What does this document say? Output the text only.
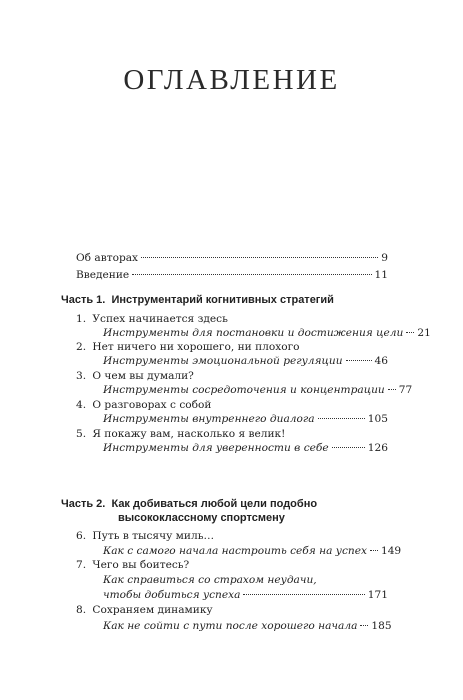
ОГЛАВЛЕНИЕ
Об авторах	9
Введение	11
Часть 1. Инструментарий когнитивных стратегий
1.
Успех начинается здесь
Инструменты для постановки и достижения цели 21
2.
Нет ничего ни хорошего, ни плохого
Инструменты эмоциональной регуляции	46
3.
О чем вы думали?
Инструменты сосредоточения и концентрации 77
4.
О разговорах с собой
Инструменты внутреннего диалога	105
5.
Я покажу вам, насколько я велик!
Инструменты для уверенности в себе	126
Часть 2. Как добиваться любой цели подобно
высококлассному спортсмену
6.
Путь в тысячу миль…
Как с самого начала настроить себя на успех 149
7.
Чего вы боитесь?
Как справиться со страхом неудачи,
чтобы добиться успеха	171
8.
Сохраняем динамику
Как не сойти с пути после хорошего начала 185
